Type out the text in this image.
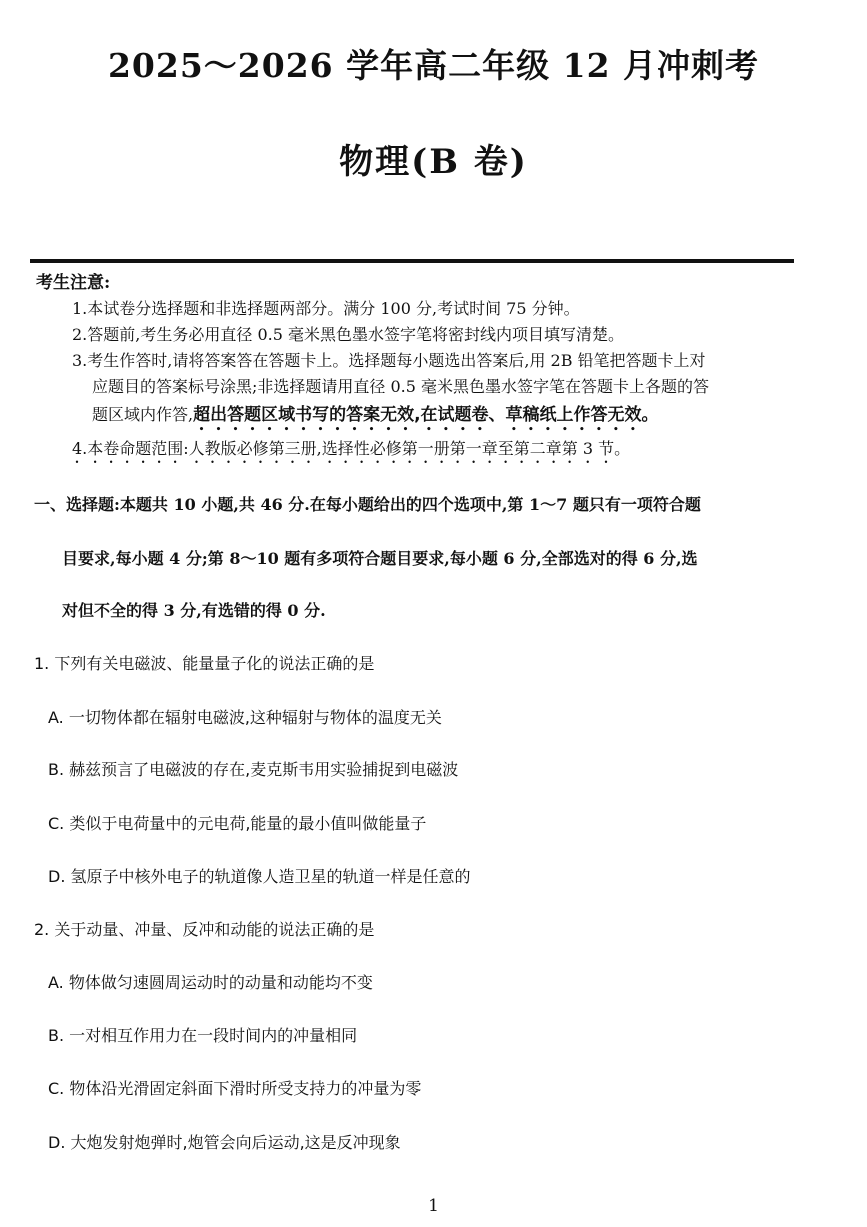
2025～2026 学年高二年级 12 月冲刺考
物理(B 卷)
考生注意:
1.本试卷分选择题和非选择题两部分。满分 100 分,考试时间 75 分钟。
2.答题前,考生务必用直径 0.5 毫米黑色墨水签字笔将密封线内项目填写清楚。
3.考生作答时,请将答案答在答题卡上。选择题每小题选出答案后,用 2B 铅笔把答题卡上对
应题目的答案标号涂黑;非选择题请用直径 0.5 毫米黑色墨水签字笔在答题卡上各题的答
题区域内作答,超出答题区域书写的答案无效,在试题卷、草稿纸上作答无效。
4.本卷命题范围:人教版必修第三册,选择性必修第一册第一章至第二章第 3 节。
一、选择题:本题共 10 小题,共 46 分.在每小题给出的四个选项中,第 1～7 题只有一项符合题
目要求,每小题 4 分;第 8～10 题有多项符合题目要求,每小题 6 分,全部选对的得 6 分,选
对但不全的得 3 分,有选错的得 0 分.
1. 下列有关电磁波、能量量子化的说法正确的是
A. 一切物体都在辐射电磁波,这种辐射与物体的温度无关
B. 赫兹预言了电磁波的存在,麦克斯韦用实验捕捉到电磁波
C. 类似于电荷量中的元电荷,能量的最小值叫做能量子
D. 氢原子中核外电子的轨道像人造卫星的轨道一样是任意的
2. 关于动量、冲量、反冲和动能的说法正确的是
A. 物体做匀速圆周运动时的动量和动能均不变
B. 一对相互作用力在一段时间内的冲量相同
C. 物体沿光滑固定斜面下滑时所受支持力的冲量为零
D. 大炮发射炮弹时,炮管会向后运动,这是反冲现象
1
